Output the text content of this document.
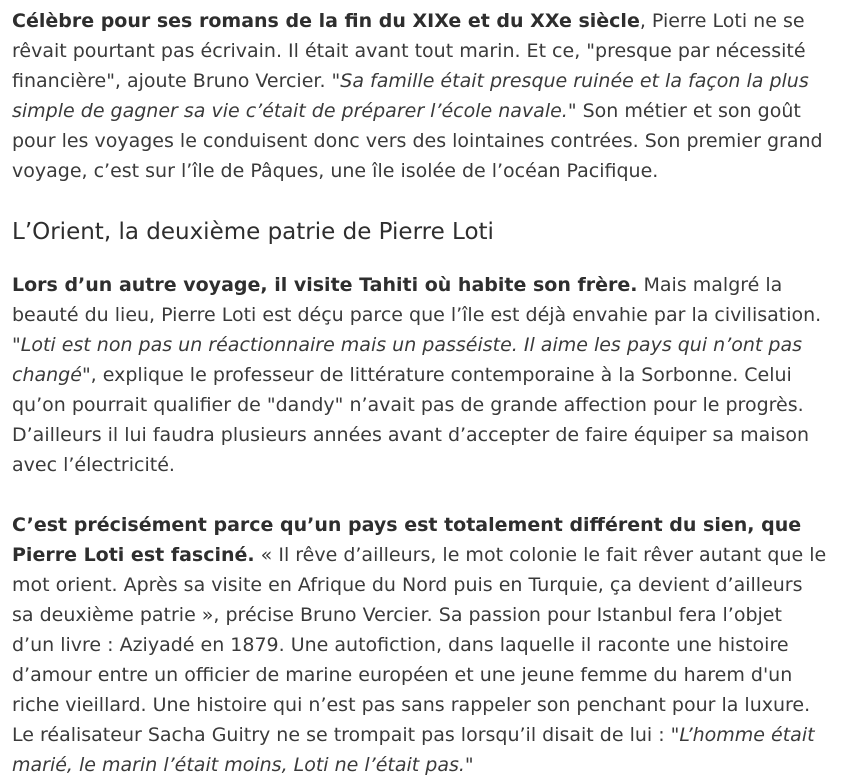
Célèbre pour ses romans de la fin du XIXe et du XXe siècle, Pierre Loti ne se rêvait pourtant pas écrivain. Il était avant tout marin. Et ce, "presque par nécessité financière", ajoute Bruno Vercier. "Sa famille était presque ruinée et la façon la plus simple de gagner sa vie c’était de préparer l’école navale." Son métier et son goût pour les voyages le conduisent donc vers des lointaines contrées. Son premier grand voyage, c’est sur l’île de Pâques, une île isolée de l’océan Pacifique.

L’Orient, la deuxième patrie de Pierre Loti

Lors d’un autre voyage, il visite Tahiti où habite son frère. Mais malgré la beauté du lieu, Pierre Loti est déçu parce que l’île est déjà envahie par la civilisation. "Loti est non pas un réactionnaire mais un passéiste. Il aime les pays qui n’ont pas changé", explique le professeur de littérature contemporaine à la Sorbonne. Celui qu’on pourrait qualifier de "dandy" n’avait pas de grande affection pour le progrès. D’ailleurs il lui faudra plusieurs années avant d’accepter de faire équiper sa maison avec l’électricité.

C’est précisément parce qu’un pays est totalement différent du sien, que Pierre Loti est fasciné. « Il rêve d’ailleurs, le mot colonie le fait rêver autant que le mot orient. Après sa visite en Afrique du Nord puis en Turquie, ça devient d’ailleurs sa deuxième patrie », précise Bruno Vercier. Sa passion pour Istanbul fera l’objet d’un livre : Aziyadé en 1879. Une autofiction, dans laquelle il raconte une histoire d’amour entre un officier de marine européen et une jeune femme du harem d'un riche vieillard. Une histoire qui n’est pas sans rappeler son penchant pour la luxure. Le réalisateur Sacha Guitry ne se trompait pas lorsqu’il disait de lui : "L’homme était marié, le marin l’était moins, Loti ne l’était pas."
